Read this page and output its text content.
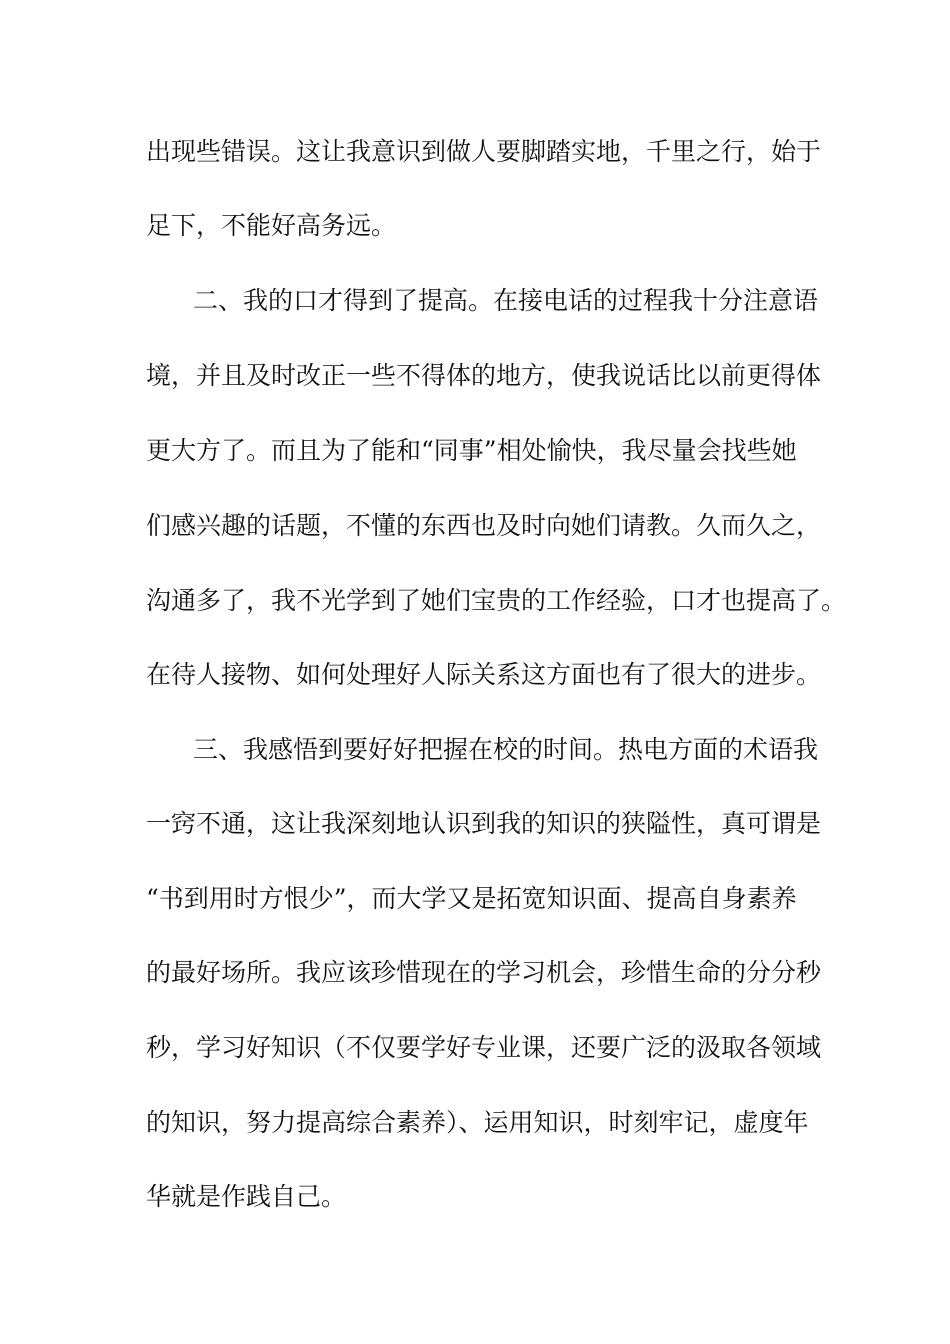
出现些错误。这让我意识到做人要脚踏实地，千里之行，始于
足下，不能好高务远。
二、我的口才得到了提高。在接电话的过程我十分注意语
境，并且及时改正一些不得体的地方，使我说话比以前更得体
更大方了。而且为了能和“同事”相处愉快，我尽量会找些她
们感兴趣的话题，不懂的东西也及时向她们请教。久而久之，
沟通多了，我不光学到了她们宝贵的工作经验，口才也提高了。
在待人接物、如何处理好人际关系这方面也有了很大的进步。
三、我感悟到要好好把握在校的时间。热电方面的术语我
一窍不通，这让我深刻地认识到我的知识的狭隘性，真可谓是
“书到用时方恨少”，而大学又是拓宽知识面、提高自身素养
的最好场所。我应该珍惜现在的学习机会，珍惜生命的分分秒
秒，学习好知识（不仅要学好专业课，还要广泛的汲取各领域
的知识，努力提高综合素养）、运用知识，时刻牢记，虚度年
华就是作践自己。
